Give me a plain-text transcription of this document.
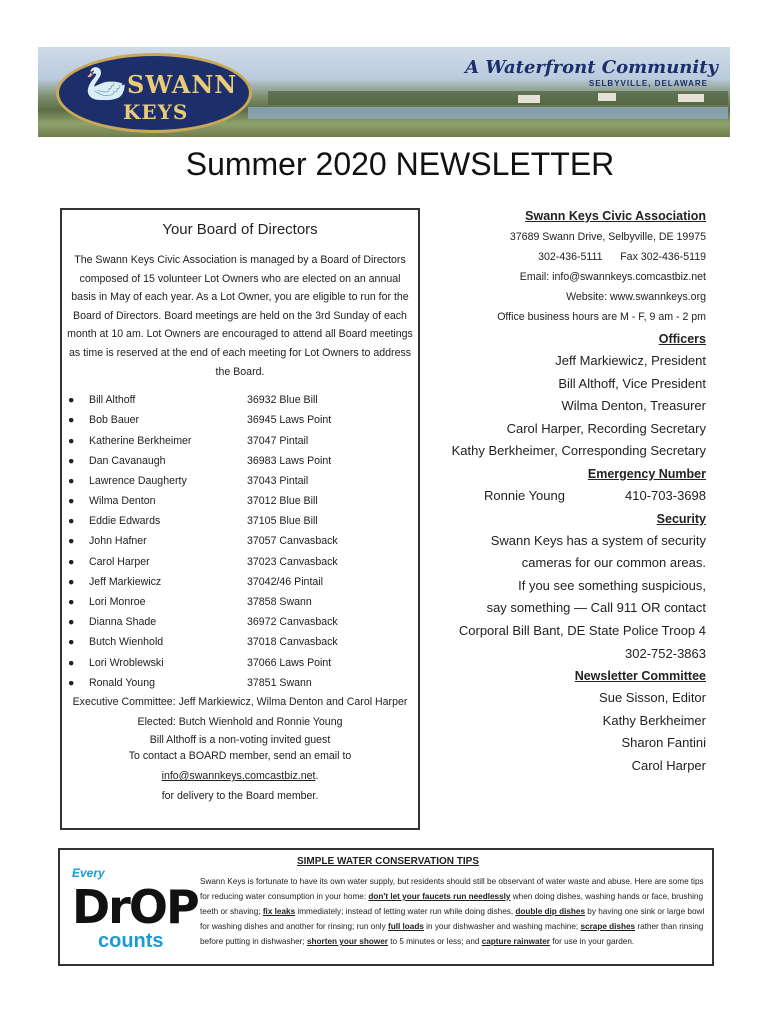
🦢 SWANN
KEYS
A Waterfront Community
SELBYVILLE, DELAWARE
Summer 2020 NEWSLETTER
Your Board of Directors
The Swann Keys Civic Association is managed by a Board of Directors composed of 15 volunteer Lot Owners who are elected on an annual basis in May of each year. As a Lot Owner, you are eligible to run for the Board of Directors. Board meetings are held on the 3rd Sunday of each month at 10 am. Lot Owners are encouraged to attend all Board meetings as time is reserved at the end of each meeting for Lot Owners to address the Board.
● Bill Althoff	36932 Blue Bill
● Bob Bauer	36945 Laws Point
● Katherine Berkheimer	37047 Pintail
● Dan Cavanaugh	36983 Laws Point
● Lawrence Daugherty	37043 Pintail
● Wilma Denton	37012 Blue Bill
● Eddie Edwards	37105 Blue Bill
● John Hafner	37057 Canvasback
● Carol Harper	37023 Canvasback
● Jeff Markiewicz	37042/46 Pintail
● Lori Monroe	37858 Swann
● Dianna Shade	36972 Canvasback
● Butch Wienhold	37018 Canvasback
● Lori Wroblewski	37066 Laws Point
● Ronald Young	37851 Swann

Executive Committee: Jeff Markiewicz, Wilma Denton and Carol Harper

Elected: Butch Wienhold and Ronnie Young

Bill Althoff is a non-voting invited guest

To contact a BOARD member, send an email to

info@swannkeys.comcastbiz.net.

for delivery to the Board member.

Swann Keys Civic Association
37689 Swann Drive, Selbyville, DE 19975
302-436-5111 Fax 302-436-5119
Email: info@swannkeys.comcastbiz.net
Website: www.swannkeys.org
Office business hours are M - F, 9 am - 2 pm
Officers
Jeff Markiewicz, President
Bill Althoff, Vice President
Wilma Denton, Treasurer
Carol Harper, Recording Secretary
Kathy Berkheimer, Corresponding Secretary
Emergency Number
Ronnie Young	410-703-3698
Security
Swann Keys has a system of security
cameras for our common areas.
If you see something suspicious,
say something — Call 911 OR contact
Corporal Bill Bant, DE State Police Troop 4
302-752-3863
Newsletter Committee
Sue Sisson, Editor
Kathy Berkheimer
Sharon Fantini
Carol Harper
SIMPLE WATER CONSERVATION TIPS
Every
DrOP
counts
Swann Keys is fortunate to have its own water supply, but residents should still be observant of water waste and abuse. Here are some tips for reducing water consumption in your home: don't let your faucets run needlessly when doing dishes, washing hands or face, brushing teeth or shaving; fix leaks immediately; instead of letting water run while doing dishes, double dip dishes by having one sink or large bowl for washing dishes and another for rinsing; run only full loads in your dishwasher and washing machine; scrape dishes rather than rinsing before putting in dishwasher; shorten your shower to 5 minutes or less; and capture rainwater for use in your garden.
